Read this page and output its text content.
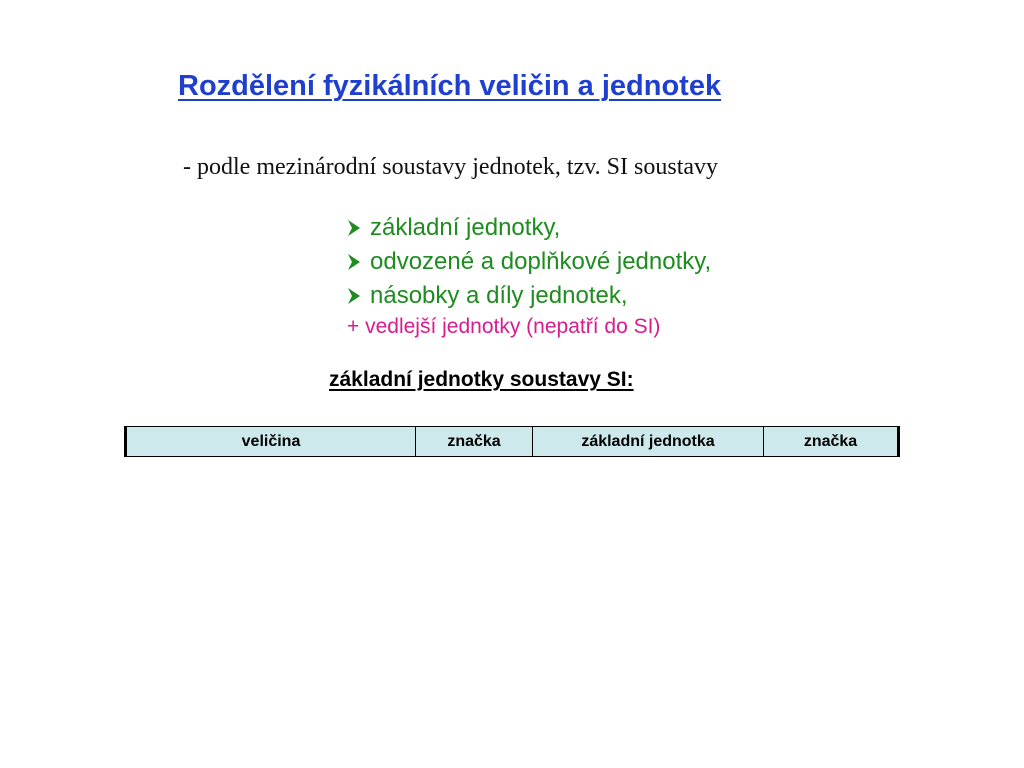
Rozdělení fyzikálních veličin a jednotek
- podle mezinárodní soustavy jednotek, tzv. SI soustavy
základní jednotky,
odvozené a doplňkové jednotky,
násobky a díly jednotek,
+ vedlejší jednotky (nepatří do SI)
základní jednotky soustavy SI:
veličina	značka	základní jednotka	značka
